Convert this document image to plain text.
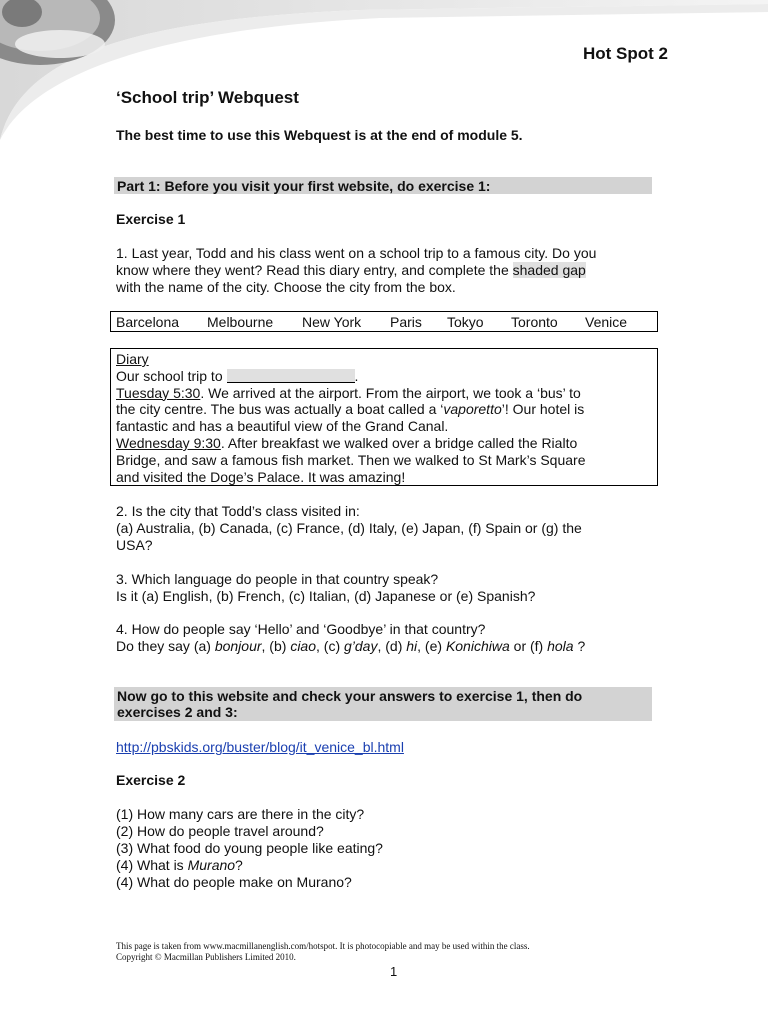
Hot Spot 2
‘School trip’ Webquest
The best time to use this Webquest is at the end of module 5.
Part 1: Before you visit your first website, do exercise 1:
Exercise 1
1. Last year, Todd and his class went on a school trip to a famous city. Do you
know where they went? Read this diary entry, and complete the shaded gap
with the name of the city. Choose the city from the box.
Barcelona	Melbourne	New York	Paris	Tokyo	Toronto	Venice
Diary
Our school trip to	.
Tuesday 5:30. We arrived at the airport. From the airport, we took a ‘bus’ to
the city centre. The bus was actually a boat called a ‘vaporetto’! Our hotel is
fantastic and has a beautiful view of the Grand Canal.
Wednesday 9:30. After breakfast we walked over a bridge called the Rialto
Bridge, and saw a famous fish market. Then we walked to St Mark’s Square
and visited the Doge’s Palace. It was amazing!
2. Is the city that Todd’s class visited in:
(a) Australia, (b) Canada, (c) France, (d) Italy, (e) Japan, (f) Spain or (g) the
USA?
3. Which language do people in that country speak?
Is it (a) English, (b) French, (c) Italian, (d) Japanese or (e) Spanish?
4. How do people say ‘Hello’ and ‘Goodbye’ in that country?
Do they say (a) bonjour, (b) ciao, (c) g’day, (d) hi, (e) Konichiwa or (f) hola ?
Now go to this website and check your answers to exercise 1, then do
exercises 2 and 3:
http://pbskids.org/buster/blog/it_venice_bl.html
Exercise 2
(1) How many cars are there in the city?
(2) How do people travel around?
(3) What food do young people like eating?
(4) What is Murano?
(4) What do people make on Murano?
This page is taken from www.macmillanenglish.com/hotspot. It is photocopiable and may be used within the class.
Copyright © Macmillan Publishers Limited 2010.
1
